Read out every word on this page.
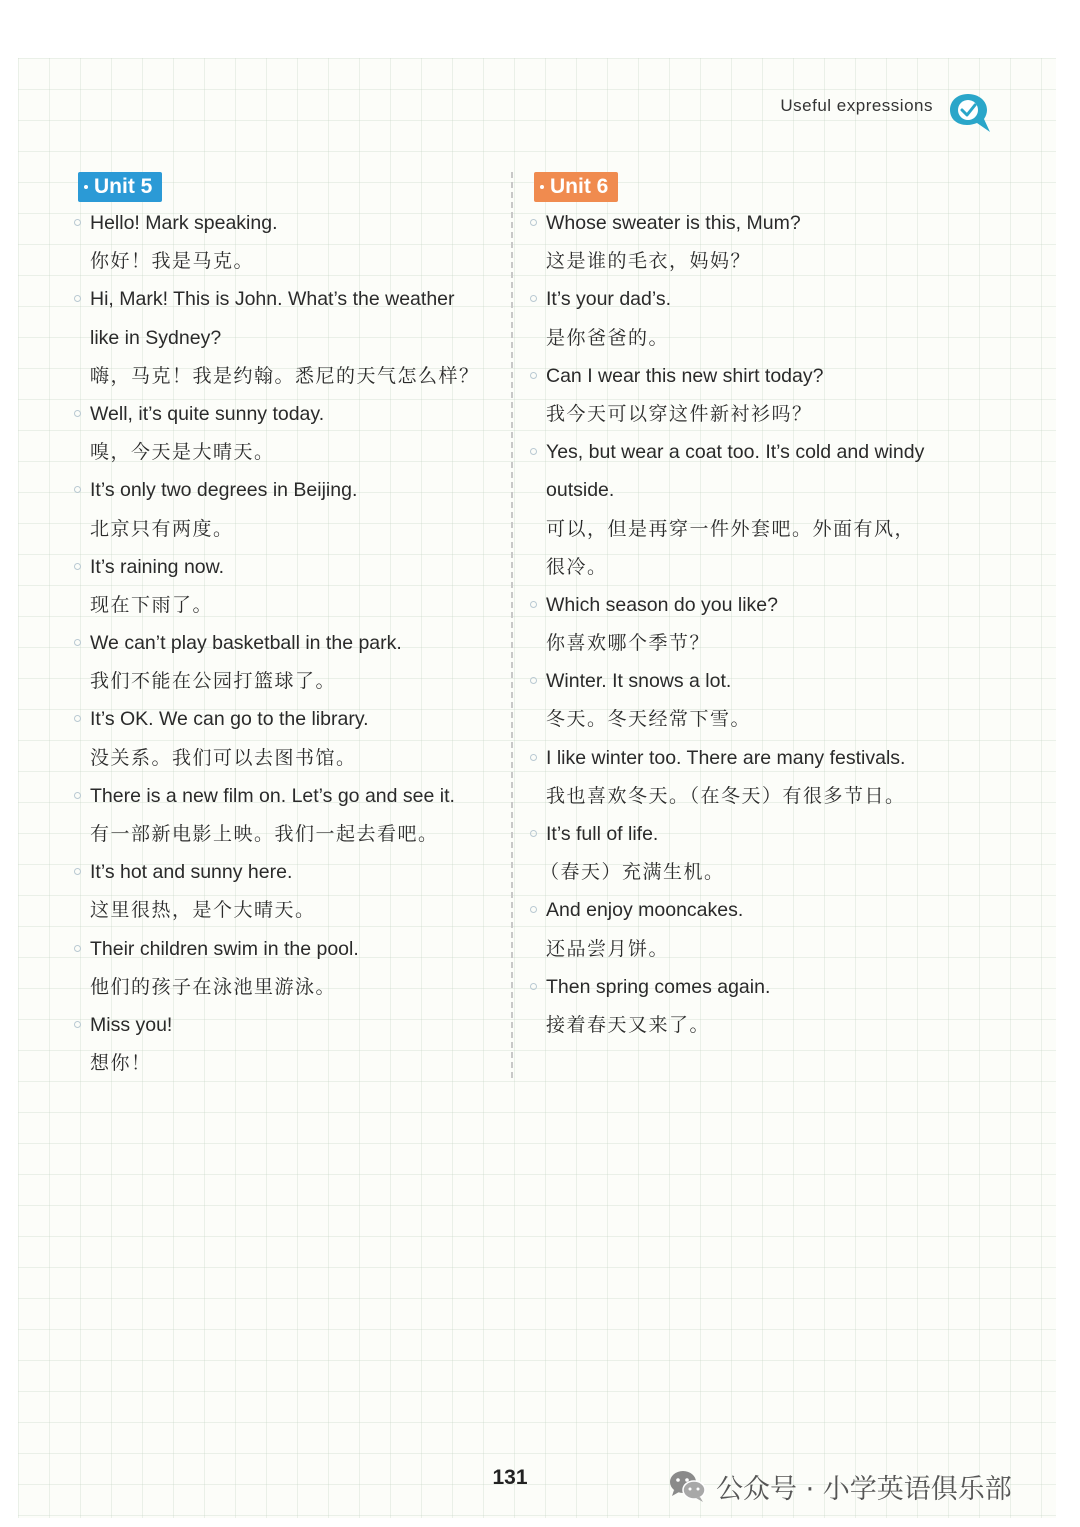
Useful expressions
Unit 5
Hello! Mark speaking.
你好！我是马克。
Hi, Mark! This is John. What’s the weather
like in Sydney?
嗨，马克！我是约翰。悉尼的天气怎么样？
Well, it’s quite sunny today.
嗅，今天是大晴天。
It’s only two degrees in Beijing.
北京只有两度。
It’s raining now.
现在下雨了。
We can’t play basketball in the park.
我们不能在公园打篮球了。
It’s OK. We can go to the library.
没关系。我们可以去图书馆。
There is a new film on. Let’s go and see it.
有一部新电影上映。我们一起去看吧。
It’s hot and sunny here.
这里很热，是个大晴天。
Their children swim in the pool.
他们的孩子在泳池里游泳。
Miss you!
想你！
Unit 6
Whose sweater is this, Mum?
这是谁的毛衣，妈妈？
It’s your dad’s.
是你爸爸的。
Can I wear this new shirt today?
我今天可以穿这件新衬衫吗？
Yes, but wear a coat too. It’s cold and windy
outside.
可以，但是再穿一件外套吧。外面有风，
很冷。
Which season do you like?
你喜欢哪个季节？
Winter. It snows a lot.
冬天。冬天经常下雪。
I like winter too. There are many festivals.
我也喜欢冬天。（在冬天）有很多节日。
It’s full of life.
（春天）充满生机。
And enjoy mooncakes.
还品尝月饼。
Then spring comes again.
接着春天又来了。
131	公众号 · 小学英语俱乐部
